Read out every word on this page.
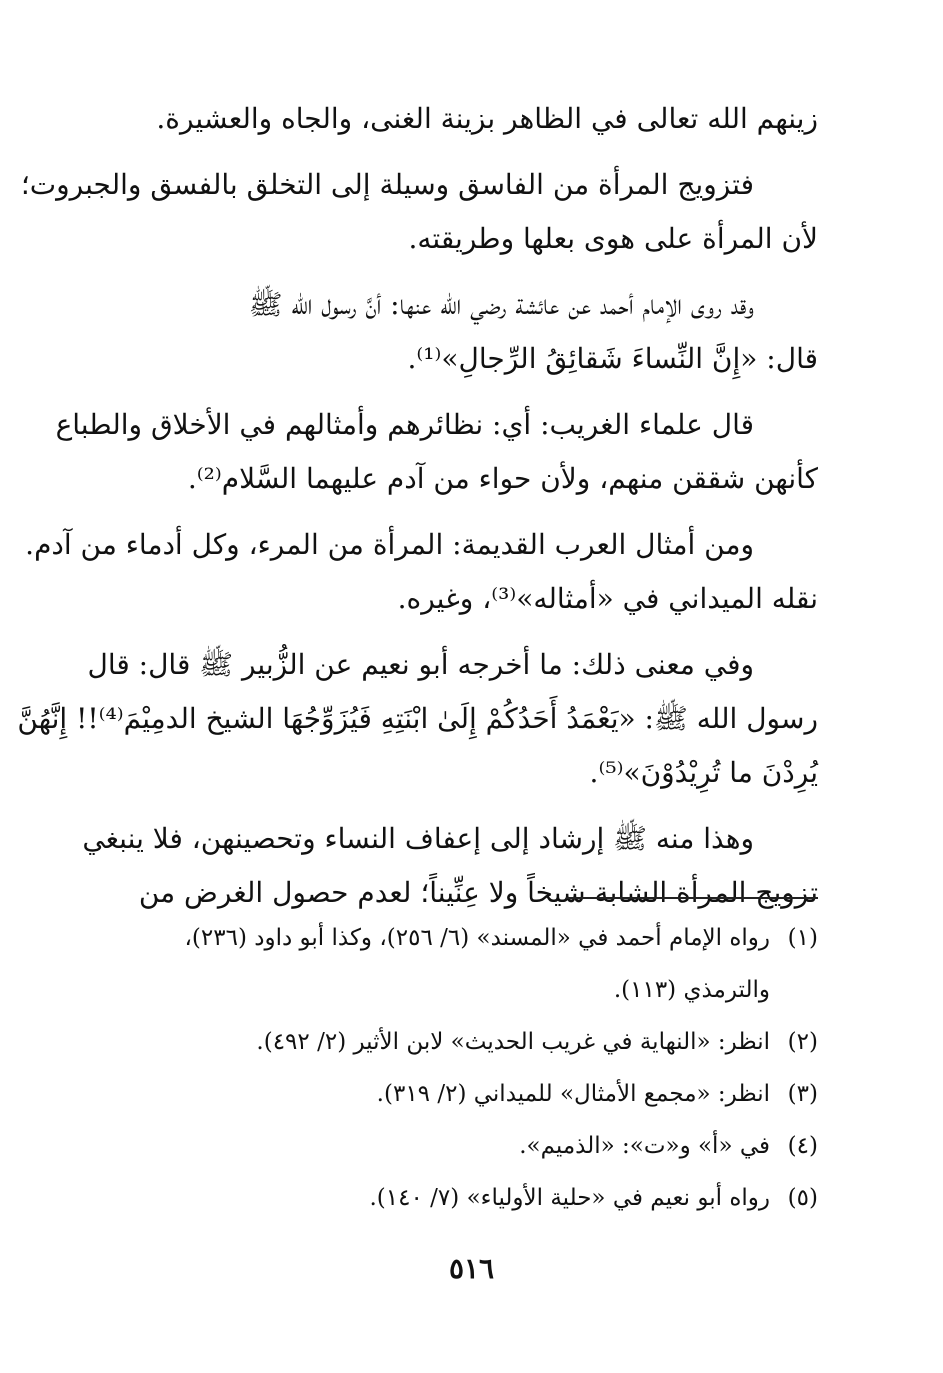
زينهم الله تعالى في الظاهر بزينة الغنى، والجاه والعشيرة.
فتزويج المرأة من الفاسق وسيلة إلى التخلق بالفسق والجبروت؛
لأن المرأة على هوى بعلها وطريقته.
وقد روى الإمام أحمد عن عائشة رضي الله عنها: أنَّ رسول الله ﷺ
قال: «إِنَّ النِّساءَ شَقائِقُ الرِّجالِ»⁽¹⁾.
قال علماء الغريب: أي: نظائرهم وأمثالهم في الأخلاق والطباع
كأنهن شققن منهم، ولأن حواء من آدم عليهما السَّلام⁽²⁾.
ومن أمثال العرب القديمة: المرأة من المرء، وكل أدماء من آدم.
نقله الميداني في «أمثاله»⁽³⁾، وغيره.
وفي معنى ذلك: ما أخرجه أبو نعيم عن الزُّبير ﷺ قال: قال
رسول الله ﷺ: «يَعْمَدُ أَحَدُكُمْ إِلَىٰ ابْنَتِهِ فَيُزَوِّجُهَا الشيخ الدمِيْمَ⁽⁴⁾!! إِنَّهُنَّ
يُرِدْنَ ما تُرِيْدُوْنَ»⁽⁵⁾.
وهذا منه ﷺ إرشاد إلى إعفاف النساء وتحصينهن، فلا ينبغي
تزويج المرأة الشابة شيخاً ولا عِنِّيناً؛ لعدم حصول الغرض من
(١)رواه الإمام أحمد في «المسند» (٦/ ٢٥٦)، وكذا أبو داود (٢٣٦)،
والترمذي (١١٣).
(٢)انظر: «النهاية في غريب الحديث» لابن الأثير (٢/ ٤٩٢).
(٣)انظر: «مجمع الأمثال» للميداني (٢/ ٣١٩).
(٤)في «أ» و«ت»: «الذميم».
(٥)رواه أبو نعيم في «حلية الأولياء» (٧/ ١٤٠).
٥١٦
